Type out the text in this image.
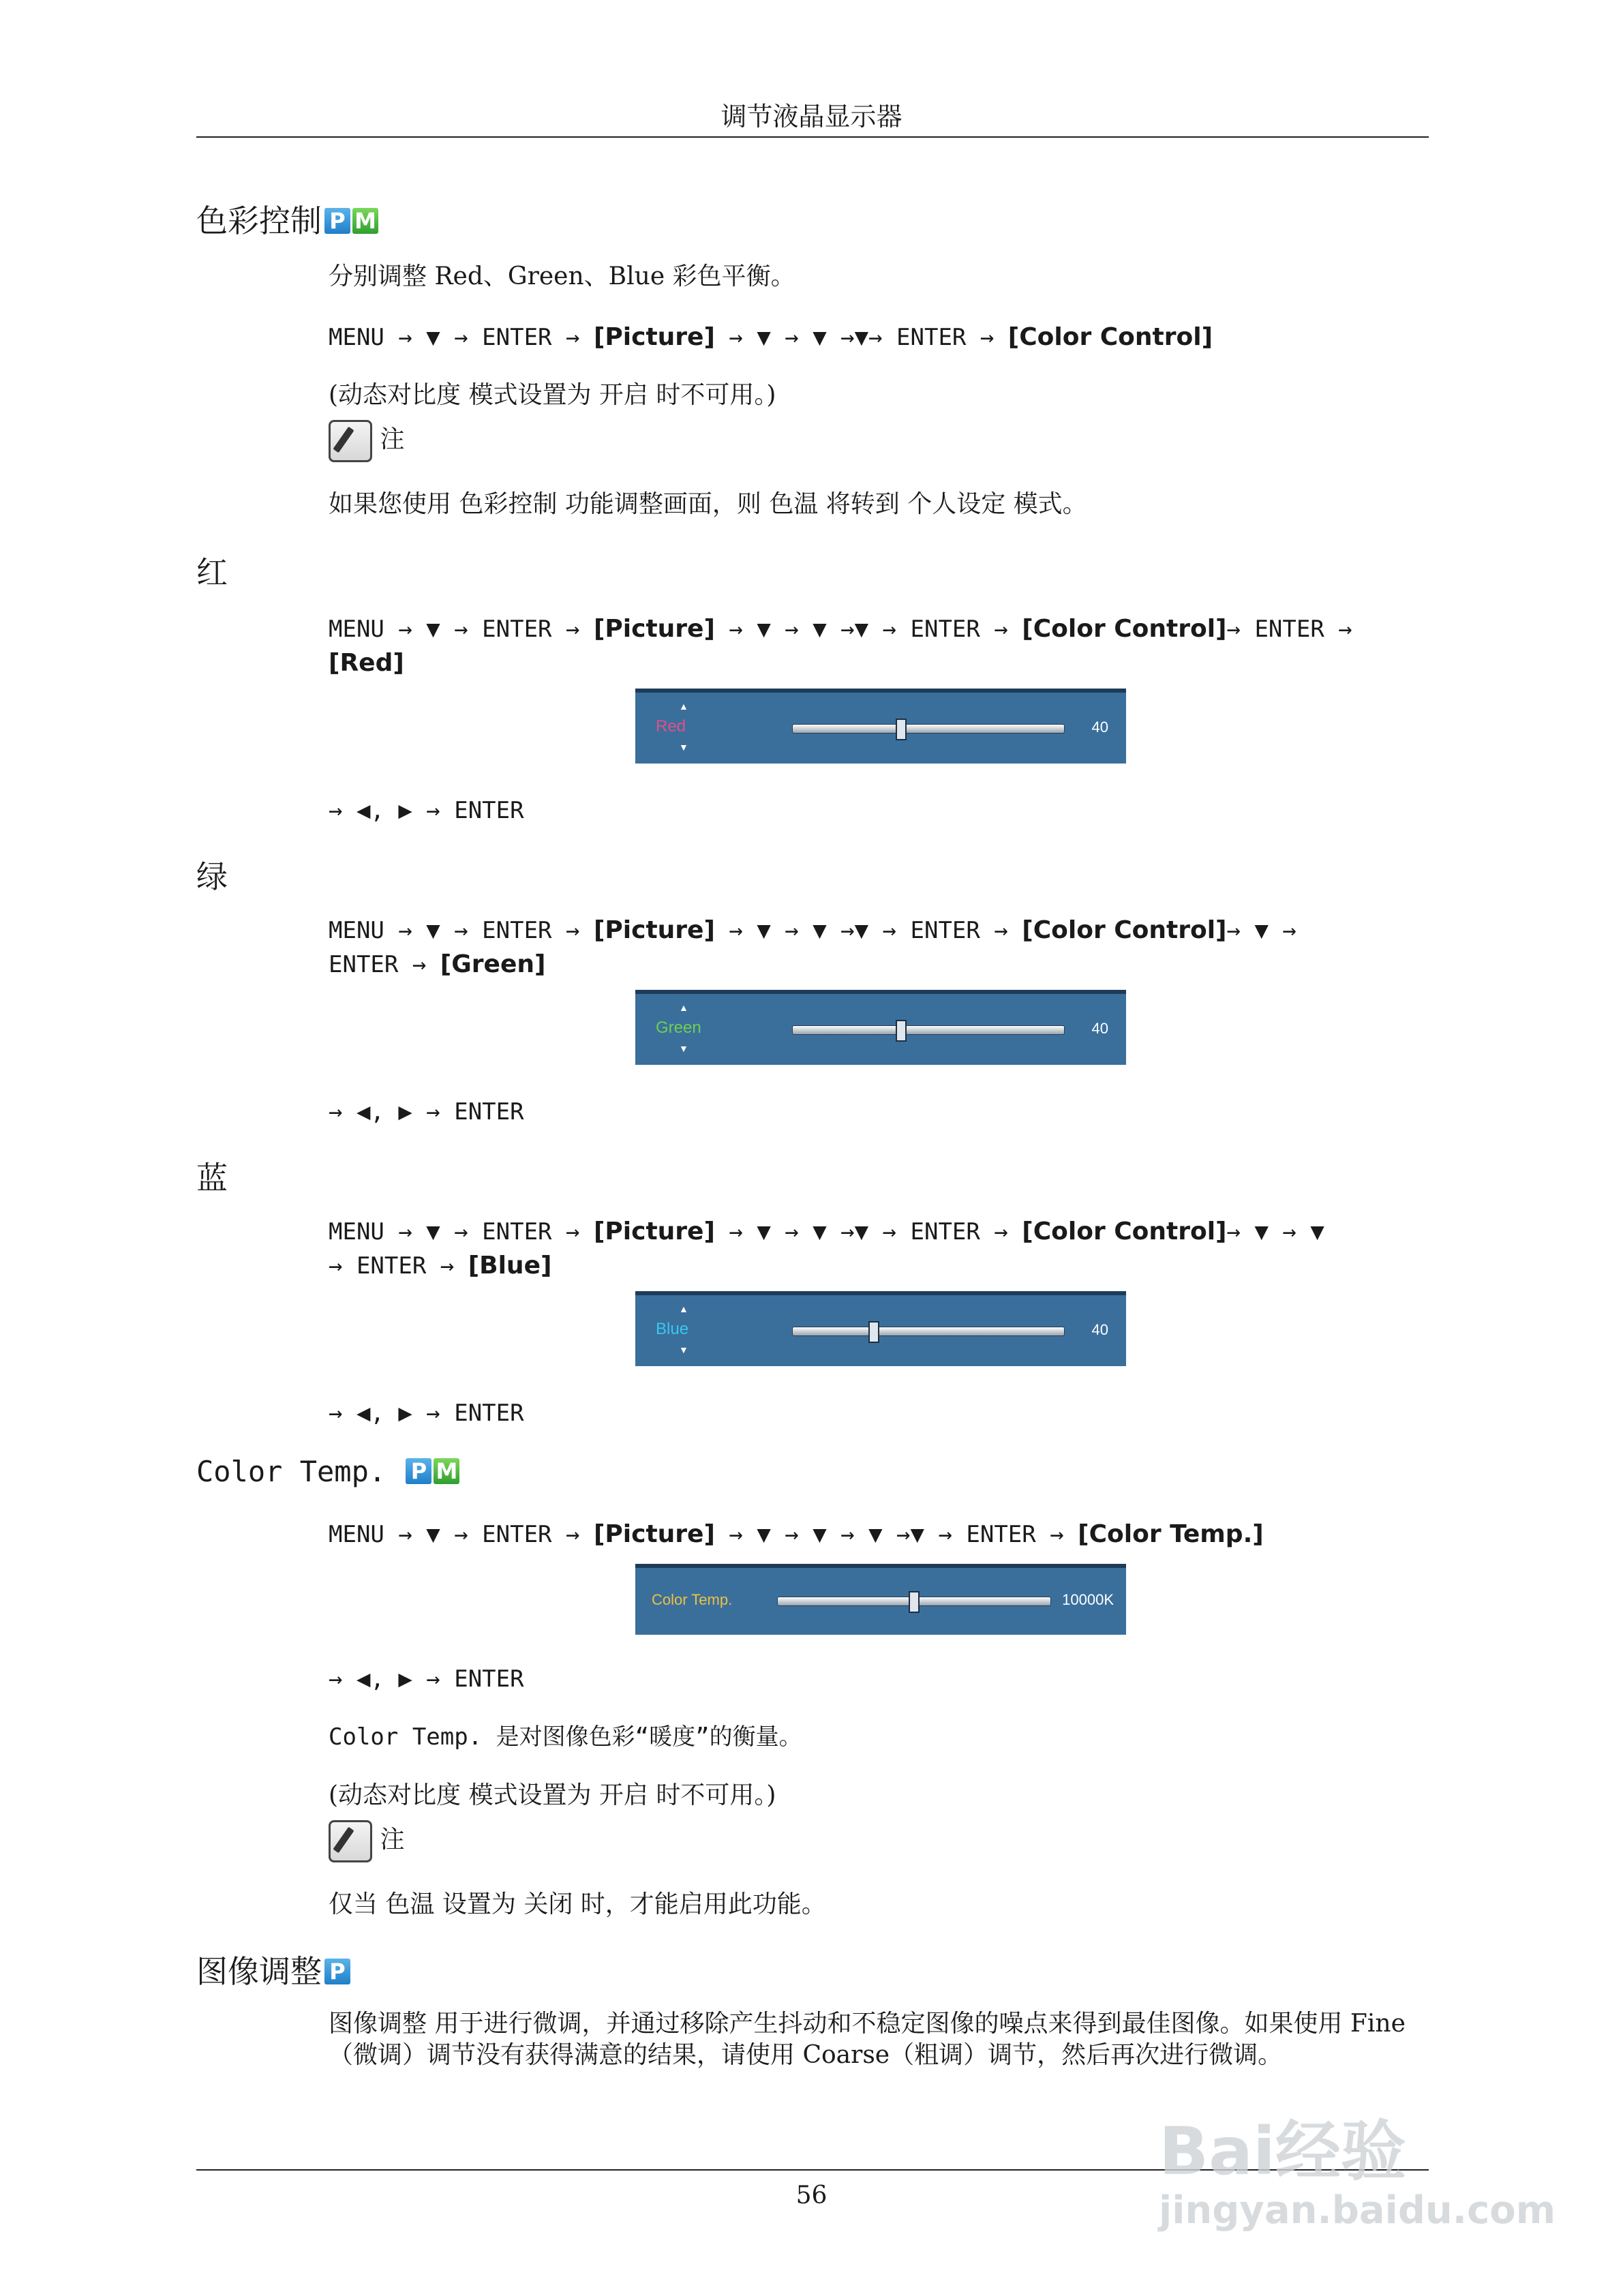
调节液晶显示器
色彩控制 P M
分别调整 Red、Green、Blue 彩色平衡。
MENU → ▼ → ENTER → [Picture] → ▼ → ▼ →▼→ ENTER → [Color Control]
(动态对比度 模式设置为 开启 时不可用。)
注
如果您使用 色彩控制 功能调整画面，则 色温 将转到 个人设定 模式。
红
MENU → ▼ → ENTER → [Picture] → ▼ → ▼ →▼ → ENTER → [Color Control]→ ENTER →
[Red]
▲
Red
▼
40
→ ◀, ▶ → ENTER
绿
MENU → ▼ → ENTER → [Picture] → ▼ → ▼ →▼ → ENTER → [Color Control]→ ▼ →
ENTER → [Green]
▲
Green
▼
40
→ ◀, ▶ → ENTER
蓝
MENU → ▼ → ENTER → [Picture] → ▼ → ▼ →▼ → ENTER → [Color Control]→ ▼ → ▼
→ ENTER → [Blue]
▲
Blue
▼
40
→ ◀, ▶ → ENTER
Color Temp. P M
MENU → ▼ → ENTER → [Picture] → ▼ → ▼ → ▼ →▼ → ENTER → [Color Temp.]
Color Temp.	10000K
→ ◀, ▶ → ENTER
Color Temp. 是对图像色彩“暖度”的衡量。
(动态对比度 模式设置为 开启 时不可用。)
注
仅当 色温 设置为 关闭 时，才能启用此功能。
图像调整 P
图像调整 用于进行微调，并通过移除产生抖动和不稳定图像的噪点来得到最佳图像。如果使用 Fine（微调）调节没有获得满意的结果，请使用 Coarse（粗调）调节，然后再次进行微调。
56
Bai经验
jingyan.baidu.com
